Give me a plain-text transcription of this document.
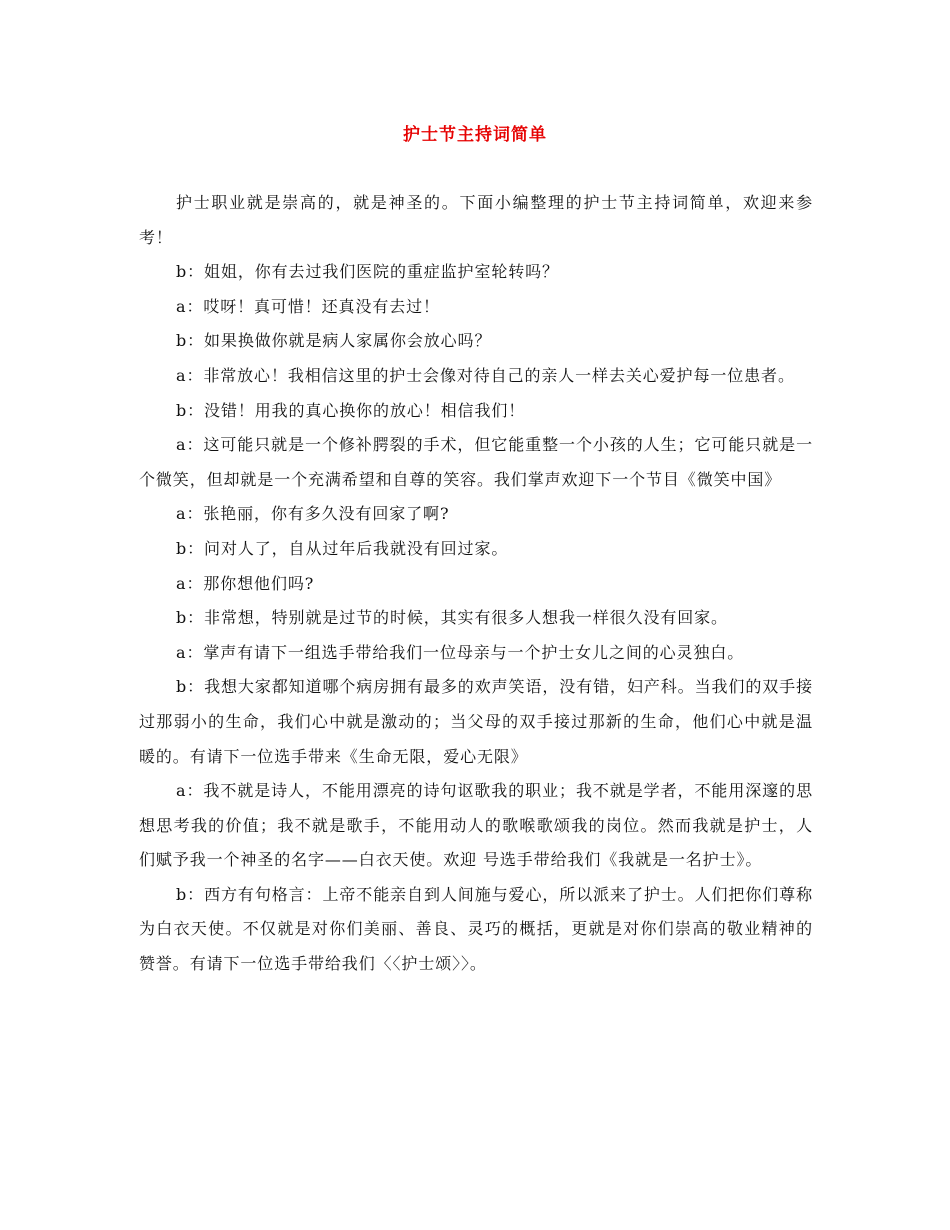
护士节主持词简单

护士职业就是崇高的，就是神圣的。下面小编整理的护士节主持词简单，欢迎来参考！

b：姐姐，你有去过我们医院的重症监护室轮转吗？

a：哎呀！真可惜！还真没有去过！

b：如果换做你就是病人家属你会放心吗？

a：非常放心！我相信这里的护士会像对待自己的亲人一样去关心爱护每一位患者。

b：没错！用我的真心换你的放心！相信我们！

a：这可能只就是一个修补腭裂的手术，但它能重整一个小孩的人生；它可能只就是一个微笑，但却就是一个充满希望和自尊的笑容。我们掌声欢迎下一个节目《微笑中国》

a：张艳丽，你有多久没有回家了啊?

b：问对人了，自从过年后我就没有回过家。

a：那你想他们吗?

b：非常想，特别就是过节的时候，其实有很多人想我一样很久没有回家。

a：掌声有请下一组选手带给我们一位母亲与一个护士女儿之间的心灵独白。

b：我想大家都知道哪个病房拥有最多的欢声笑语，没有错，妇产科。当我们的双手接过那弱小的生命，我们心中就是激动的；当父母的双手接过那新的生命，他们心中就是温暖的。有请下一位选手带来《生命无限，爱心无限》

a：我不就是诗人，不能用漂亮的诗句讴歌我的职业；我不就是学者，不能用深邃的思想思考我的价值；我不就是歌手，不能用动人的歌喉歌颂我的岗位。然而我就是护士，人们赋予我一个神圣的名字——白衣天使。欢迎 号选手带给我们《我就是一名护士》。

b：西方有句格言：上帝不能亲自到人间施与爱心，所以派来了护士。人们把你们尊称为白衣天使。不仅就是对你们美丽、善良、灵巧的概括，更就是对你们崇高的敬业精神的赞誉。有请下一位选手带给我们〈〈护士颂〉〉。
